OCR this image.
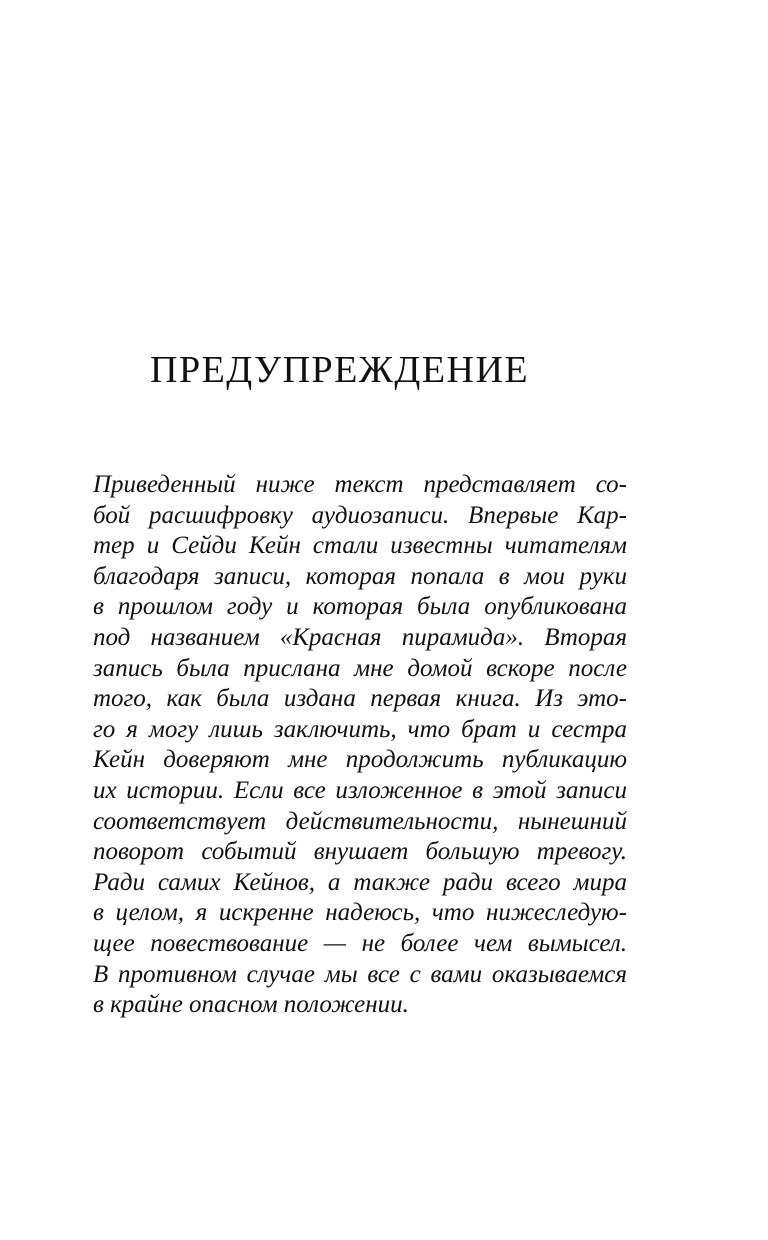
ПРЕДУПРЕЖДЕНИЕ
Приведенный ниже текст представляет со-
бой расшифровку аудиозаписи. Впервые Кар-
тер и Сейди Кейн стали известны читателям
благодаря записи, которая попала в мои руки
в прошлом году и которая была опубликована
под названием «Красная пирамида». Вторая
запись была прислана мне домой вскоре после
того, как была издана первая книга. Из это-
го я могу лишь заключить, что брат и сестра
Кейн доверяют мне продолжить публикацию
их истории. Если все изложенное в этой записи
соответствует действительности, нынешний
поворот событий внушает большую тревогу.
Ради самих Кейнов, а также ради всего мира
в целом, я искренне надеюсь, что нижеследую-
щее повествование — не более чем вымысел.
В противном случае мы все с вами оказываемся
в крайне опасном положении.
